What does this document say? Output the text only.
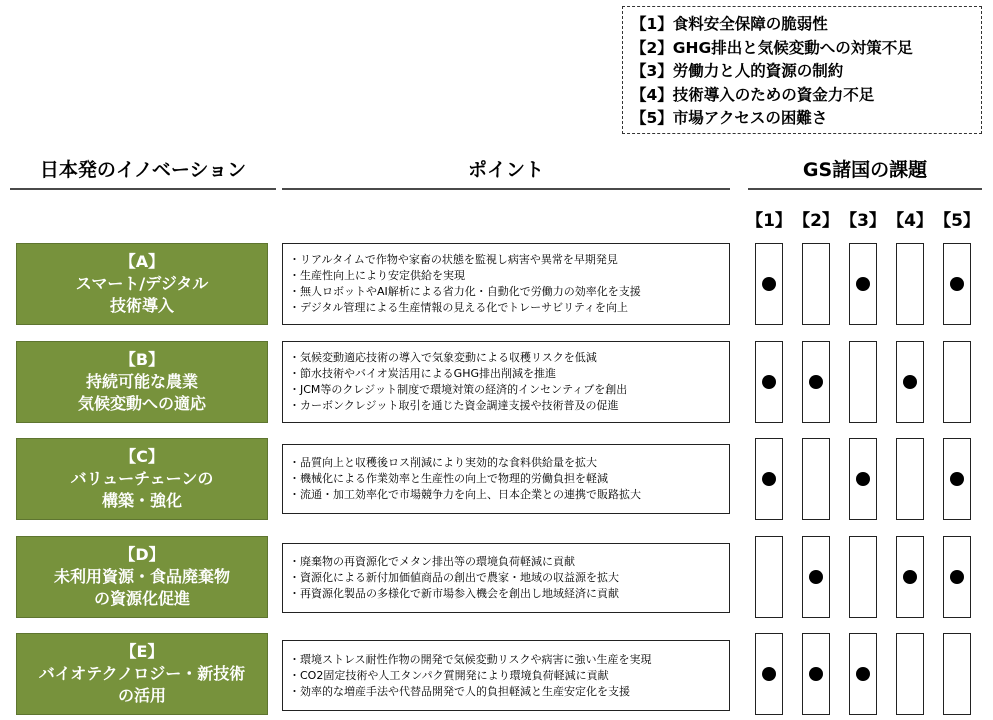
【1】食料安全保障の脆弱性
【2】GHG排出と気候変動への対策不足
【3】労働力と人的資源の制約
【4】技術導入のための資金力不足
【5】市場アクセスの困難さ
日本発のイノベーション	ポイント	GS諸国の課題
【1】 【2】 【3】 【4】 【5】
【A】
スマート/デジタル
技術導入
・リアルタイムで作物や家畜の状態を監視し病害や異常を早期発見
・生産性向上により安定供給を実現
・無人ロボットやAI解析による省力化・自動化で労働力の効率化を支援
・デジタル管理による生産情報の見える化でトレーサビリティを向上
【B】
持続可能な農業
気候変動への適応
・気候変動適応技術の導入で気象変動による収穫リスクを低減
・節水技術やバイオ炭活用によるGHG排出削減を推進
・JCM等のクレジット制度で環境対策の経済的インセンティブを創出
・カーボンクレジット取引を通じた資金調達支援や技術普及の促進
【C】
バリューチェーンの
構築・強化
・品質向上と収穫後ロス削減により実効的な食料供給量を拡大
・機械化による作業効率と生産性の向上で物理的労働負担を軽減
・流通・加工効率化で市場競争力を向上、日本企業との連携で販路拡大
【D】
未利用資源・食品廃棄物
の資源化促進
・廃棄物の再資源化でメタン排出等の環境負荷軽減に貢献
・資源化による新付加価値商品の創出で農家・地域の収益源を拡大
・再資源化製品の多様化で新市場参入機会を創出し地域経済に貢献
【E】
バイオテクノロジー・新技術
の活用
・環境ストレス耐性作物の開発で気候変動リスクや病害に強い生産を実現
・CO2固定技術や人工タンパク質開発により環境負荷軽減に貢献
・効率的な増産手法や代替品開発で人的負担軽減と生産安定化を支援
